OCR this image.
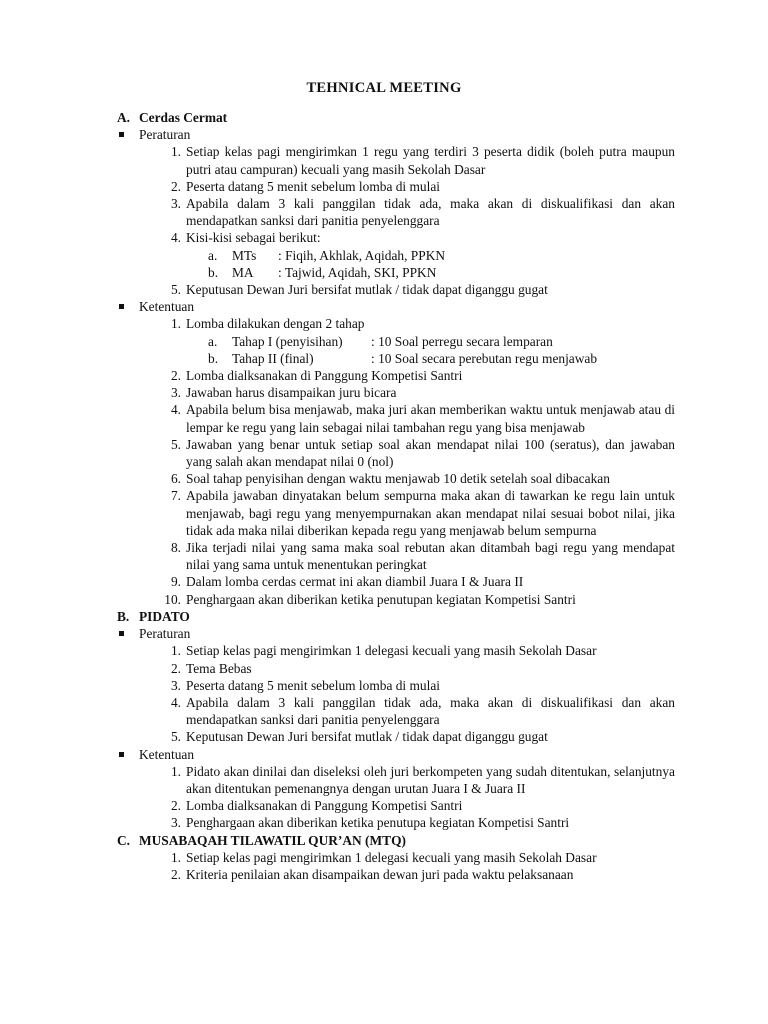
TEHNICAL MEETING
A. Cerdas Cermat
Peraturan
1. Setiap kelas pagi mengirimkan 1 regu yang terdiri 3 peserta didik (boleh putra maupun putri atau campuran) kecuali yang masih Sekolah Dasar
2. Peserta datang 5 menit sebelum lomba di mulai
3. Apabila dalam 3 kali panggilan tidak ada, maka akan di diskualifikasi dan akan mendapatkan sanksi dari panitia penyelenggara
4. Kisi-kisi sebagai berikut:
a. MTs : Fiqih, Akhlak, Aqidah, PPKN
b. MA : Tajwid, Aqidah, SKI, PPKN
5. Keputusan Dewan Juri bersifat mutlak / tidak dapat diganggu gugat
Ketentuan
1. Lomba dilakukan dengan 2 tahap
a. Tahap I (penyisihan) : 10 Soal perregu secara lemparan
b. Tahap II (final)	: 10 Soal secara perebutan regu menjawab
2. Lomba dialksanakan di Panggung Kompetisi Santri
3. Jawaban harus disampaikan juru bicara
4. Apabila belum bisa menjawab, maka juri akan memberikan waktu untuk menjawab atau di lempar ke regu yang lain sebagai nilai tambahan regu yang bisa menjawab
5. Jawaban yang benar untuk setiap soal akan mendapat nilai 100 (seratus), dan jawaban yang salah akan mendapat nilai 0 (nol)
6. Soal tahap penyisihan dengan waktu menjawab 10 detik setelah soal dibacakan
7. Apabila jawaban dinyatakan belum sempurna maka akan di tawarkan ke regu lain untuk menjawab, bagi regu yang menyempurnakan akan mendapat nilai sesuai bobot nilai, jika tidak ada maka nilai diberikan kepada regu yang menjawab belum sempurna
8. Jika terjadi nilai yang sama maka soal rebutan akan ditambah bagi regu yang mendapat nilai yang sama untuk menentukan peringkat
9. Dalam lomba cerdas cermat ini akan diambil Juara I & Juara II
10. Penghargaan akan diberikan ketika penutupan kegiatan Kompetisi Santri
B. PIDATO
Peraturan
1. Setiap kelas pagi mengirimkan 1 delegasi kecuali yang masih Sekolah Dasar
2. Tema Bebas
3. Peserta datang 5 menit sebelum lomba di mulai
4. Apabila dalam 3 kali panggilan tidak ada, maka akan di diskualifikasi dan akan mendapatkan sanksi dari panitia penyelenggara
5. Keputusan Dewan Juri bersifat mutlak / tidak dapat diganggu gugat
Ketentuan
1. Pidato akan dinilai dan diseleksi oleh juri berkompeten yang sudah ditentukan, selanjutnya akan ditentukan pemenangnya dengan urutan Juara I & Juara II
2. Lomba dialksanakan di Panggung Kompetisi Santri
3. Penghargaan akan diberikan ketika penutupa kegiatan Kompetisi Santri
C. MUSABAQAH TILAWATIL QUR’AN (MTQ)
1. Setiap kelas pagi mengirimkan 1 delegasi kecuali yang masih Sekolah Dasar
2. Kriteria penilaian akan disampaikan dewan juri pada waktu pelaksanaan
